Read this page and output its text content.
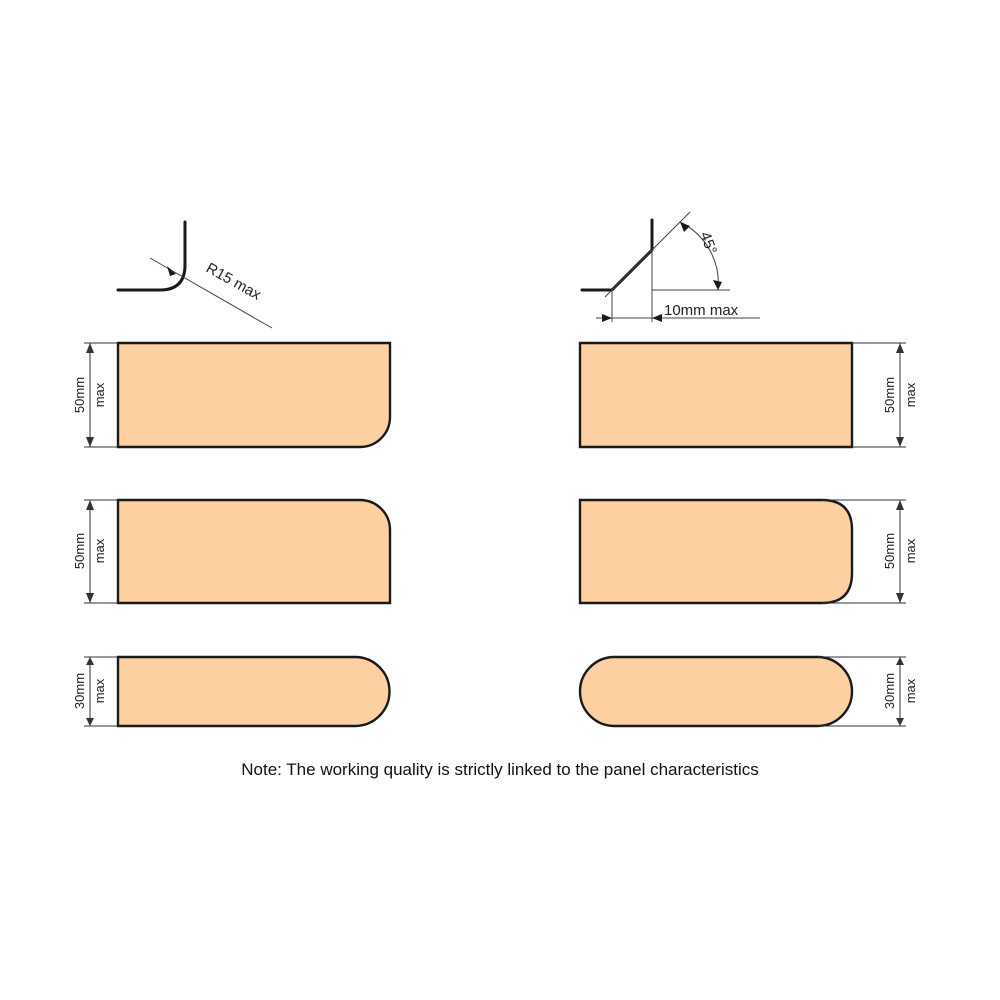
R15 max
10mm max
45°
50mm max
50mm max
30mm max
50mm max
50mm max
30mm max
Note: The working quality is strictly linked to the panel characteristics
